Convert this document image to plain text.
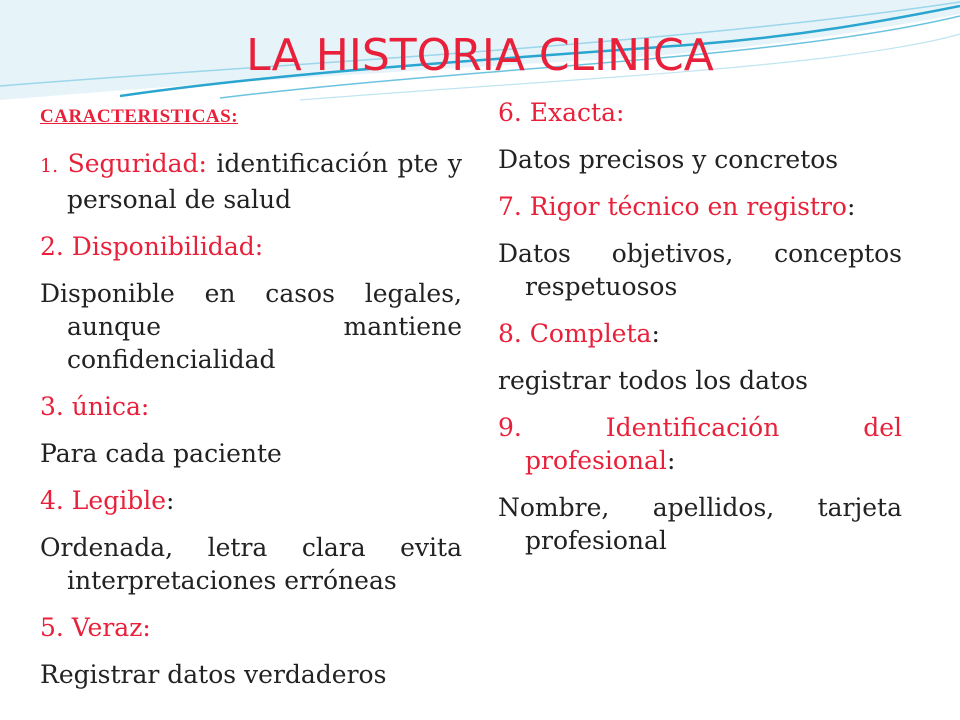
LA HISTORIA CLINICA
CARACTERISTICAS:
1. Seguridad: identificación pte y personal de salud
2. Disponibilidad:
Disponible en casos legales, aunque mantiene confidencialidad
3. única:
Para cada paciente
4. Legible:
Ordenada, letra clara evita interpretaciones erróneas
5. Veraz:
Registrar datos verdaderos
6. Exacta:
Datos precisos y concretos
7. Rigor técnico en registro:
Datos objetivos, conceptos respetuosos
8. Completa:
registrar todos los datos
9. Identificación del profesional:
Nombre, apellidos, tarjeta profesional
